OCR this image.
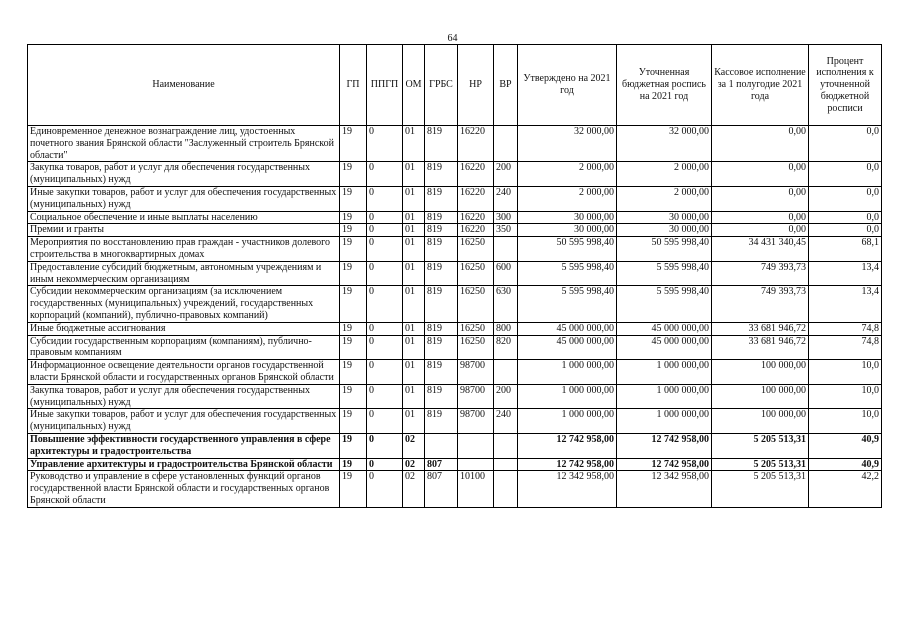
64
Наименование	ГП	ППГП	ОМ	ГРБС	НР	ВР	Утверждено на 2021 год	Уточненная бюджетная роспись на 2021 год	Кассовое исполнение за 1 полугодие 2021 года	Процент исполнения к уточненной бюджетной росписи
Единовременное денежное вознаграждение лиц, удостоенных почетного звания Брянской области "Заслуженный строитель Брянской области"	19	0	01	819	16220		32 000,00	32 000,00	0,00	0,0
Закупка товаров, работ и услуг для обеспечения государственных (муниципальных) нужд	19	0	01	819	16220	200	2 000,00	2 000,00	0,00	0,0
Иные закупки товаров, работ и услуг для обеспечения государственных (муниципальных) нужд	19	0	01	819	16220	240	2 000,00	2 000,00	0,00	0,0
Социальное обеспечение и иные выплаты населению	19	0	01	819	16220	300	30 000,00	30 000,00	0,00	0,0
Премии и гранты	19	0	01	819	16220	350	30 000,00	30 000,00	0,00	0,0
Мероприятия по восстановлению прав граждан - участников долевого строительства в многоквартирных домах	19	0	01	819	16250		50 595 998,40	50 595 998,40	34 431 340,45	68,1
Предоставление субсидий бюджетным, автономным учреждениям и иным некоммерческим организациям	19	0	01	819	16250	600	5 595 998,40	5 595 998,40	749 393,73	13,4
Субсидии некоммерческим организациям (за исключением государственных (муниципальных) учреждений, государственных корпораций (компаний), публично-правовых компаний)	19	0	01	819	16250	630	5 595 998,40	5 595 998,40	749 393,73	13,4
Иные бюджетные ассигнования	19	0	01	819	16250	800	45 000 000,00	45 000 000,00	33 681 946,72	74,8
Субсидии государственным корпорациям (компаниям), публично-правовым компаниям	19	0	01	819	16250	820	45 000 000,00	45 000 000,00	33 681 946,72	74,8
Информационное освещение деятельности органов государственной власти Брянской области и государственных органов Брянской области	19	0	01	819	98700		1 000 000,00	1 000 000,00	100 000,00	10,0
Закупка товаров, работ и услуг для обеспечения государственных (муниципальных) нужд	19	0	01	819	98700	200	1 000 000,00	1 000 000,00	100 000,00	10,0
Иные закупки товаров, работ и услуг для обеспечения государственных (муниципальных) нужд	19	0	01	819	98700	240	1 000 000,00	1 000 000,00	100 000,00	10,0
Повышение эффективности государственного управления в сфере архитектуры и градостроительства	19	0	02				12 742 958,00	12 742 958,00	5 205 513,31	40,9
Управление архитектуры и градостроительства Брянской области	19	0	02	807			12 742 958,00	12 742 958,00	5 205 513,31	40,9
Руководство и управление в сфере установленных функций органов государственной власти Брянской области и государственных органов Брянской области	19	0	02	807	10100		12 342 958,00	12 342 958,00	5 205 513,31	42,2
